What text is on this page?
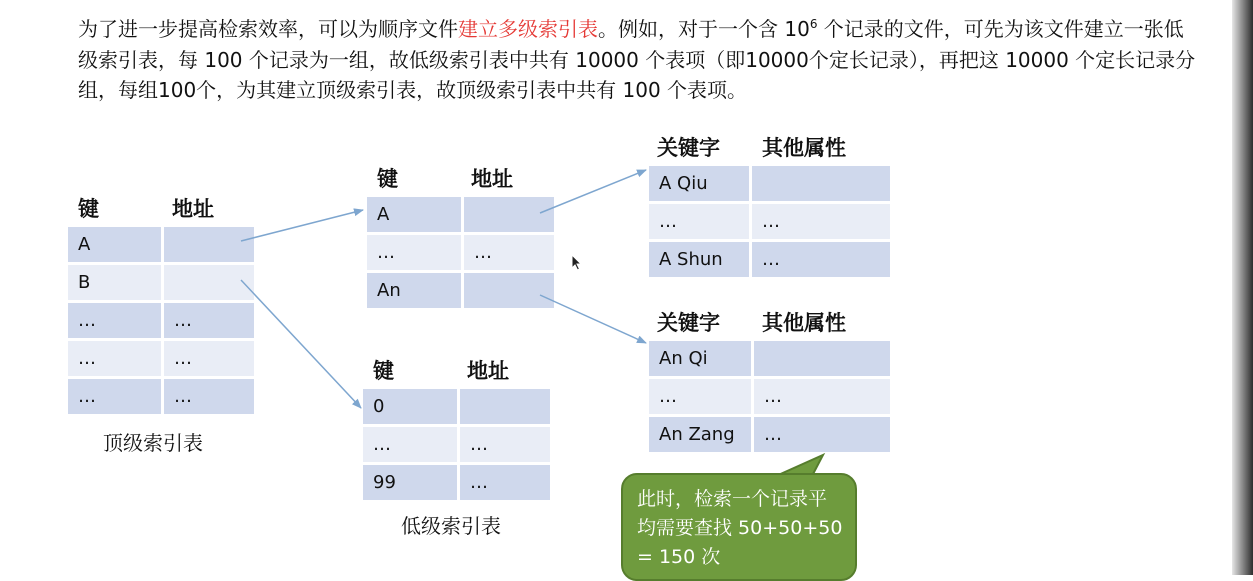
为了进一步提高检索效率，可以为顺序文件建立多级索引表。例如，对于一个含 $10^6$ 个记录的文件，可先为该文件建立一张低级索引表，每 100 个记录为一组，故低级索引表中共有 10000 个表项（即10000个定长记录），再把这 10000 个定长记录分组，每组100个，为其建立顶级索引表，故顶级索引表中共有 100 个表项。

键	地址
A	
B	
…	…
…	…
…	…
顶级索引表
键	地址
A	
…	…
An	
键	地址
0	
…	…
99	…
低级索引表
关键字 其他属性
A Qiu	
…	…
A Shun	…
关键字 其他属性
An Qi	
…	…
An Zang	…
此时，检索一个记录平均需要查找 50+50+50 = 150 次
